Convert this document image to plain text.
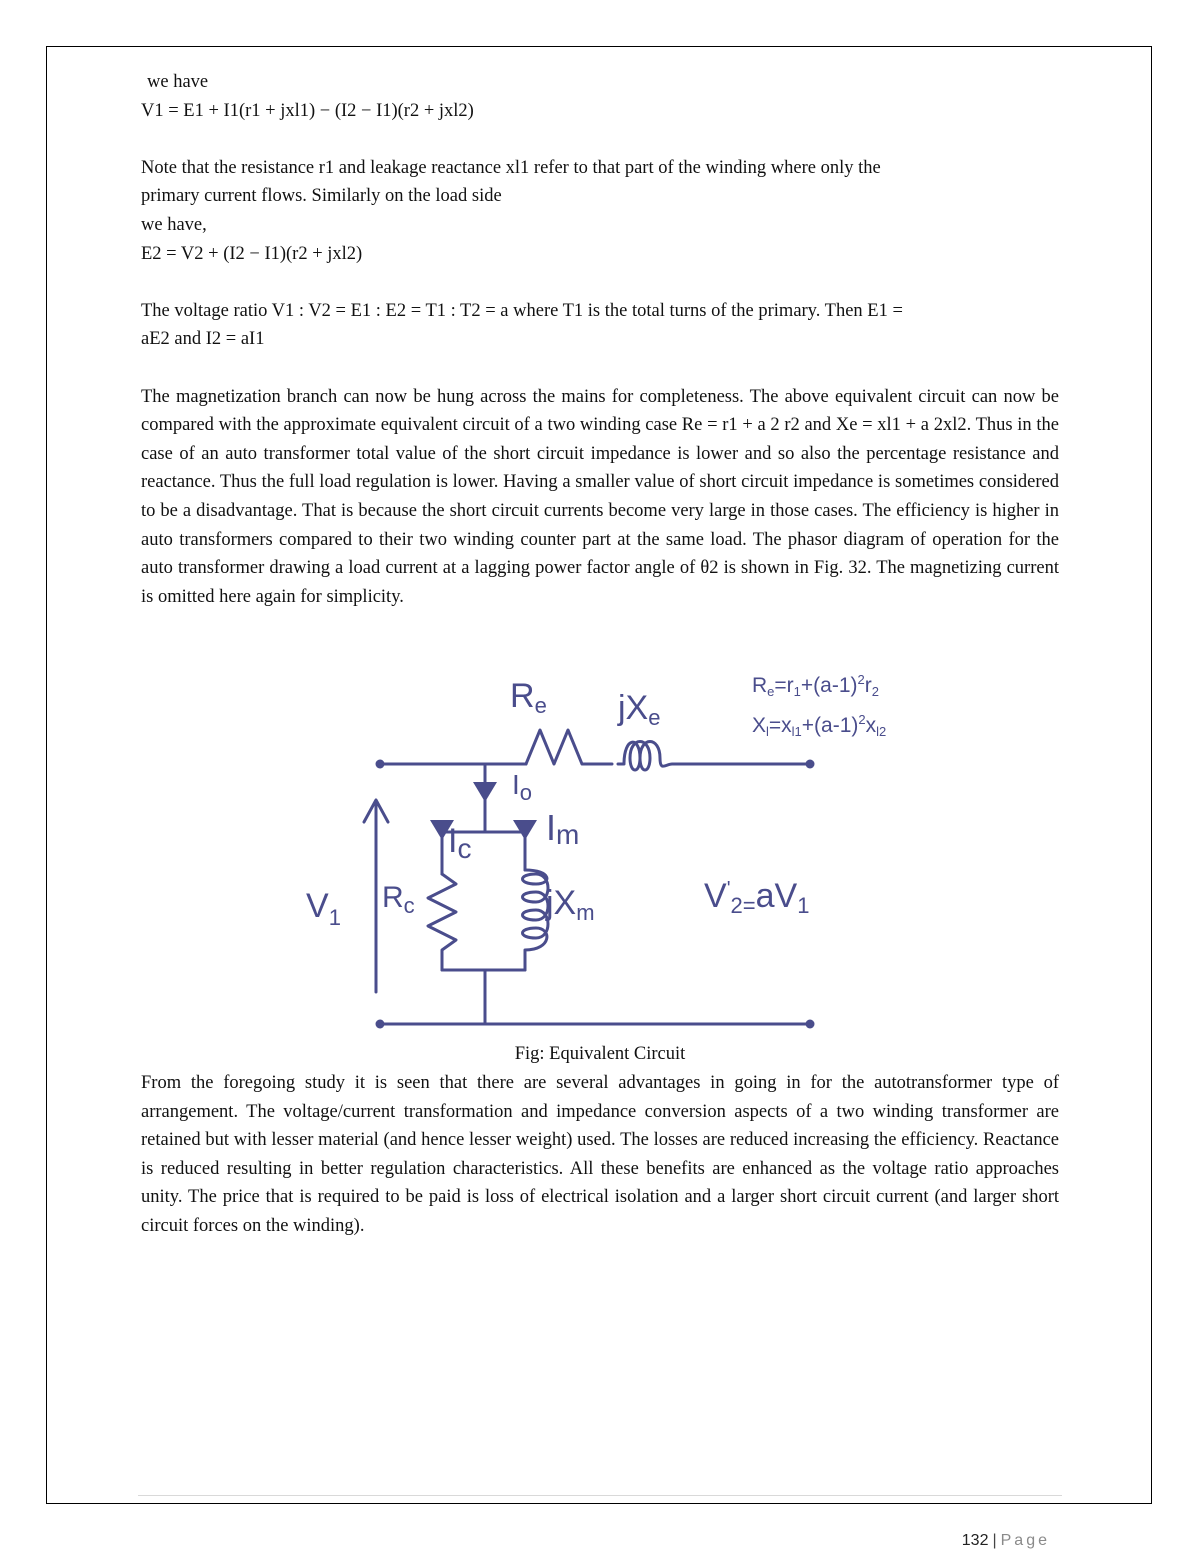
we have

V1 = E1 + I1(r1 + jxl1) − (I2 − I1)(r2 + jxl2)

Note that the resistance r1 and leakage reactance xl1 refer to that part of the winding where only the

primary current flows. Similarly on the load side

we have,

E2 = V2 + (I2 − I1)(r2 + jxl2)

The voltage ratio V1 : V2 = E1 : E2 = T1 : T2 = a where T1 is the total turns of the primary. Then E1 =

aE2 and I2 = aI1

The magnetization branch can now be hung across the mains for completeness. The above equivalent circuit can now be compared with the approximate equivalent circuit of a two winding case Re = r1 + a 2 r2 and Xe = xl1 + a 2xl2. Thus in the case of an auto transformer total value of the short circuit impedance is lower and so also the percentage resistance and reactance. Thus the full load regulation is lower. Having a smaller value of short circuit impedance is sometimes considered to be a disadvantage. That is because the short circuit currents become very large in those cases. The efficiency is higher in auto transformers compared to their two winding counter part at the same load. The phasor diagram of operation for the auto transformer drawing a load current at a lagging power factor angle of θ2 is shown in Fig. 32. The magnetizing current is omitted here again for simplicity.

Re jXe
$Re=r1+(a-1)^2r2$
$Xl=xl1+(a-1)^2xl2$
$I_o$
Ic
Im
$V_1$
$R_c$	jXm	$V'_{2=}aV1$

Fig: Equivalent Circuit

From the foregoing study it is seen that there are several advantages in going in for the autotransformer type of arrangement. The voltage/current transformation and impedance conversion aspects of a two winding transformer are retained but with lesser material (and hence lesser weight) used. The losses are reduced increasing the efficiency. Reactance is reduced resulting in better regulation characteristics. All these benefits are enhanced as the voltage ratio approaches unity. The price that is required to be paid is loss of electrical isolation and a larger short circuit current (and larger short circuit forces on the winding).

132 | Page
